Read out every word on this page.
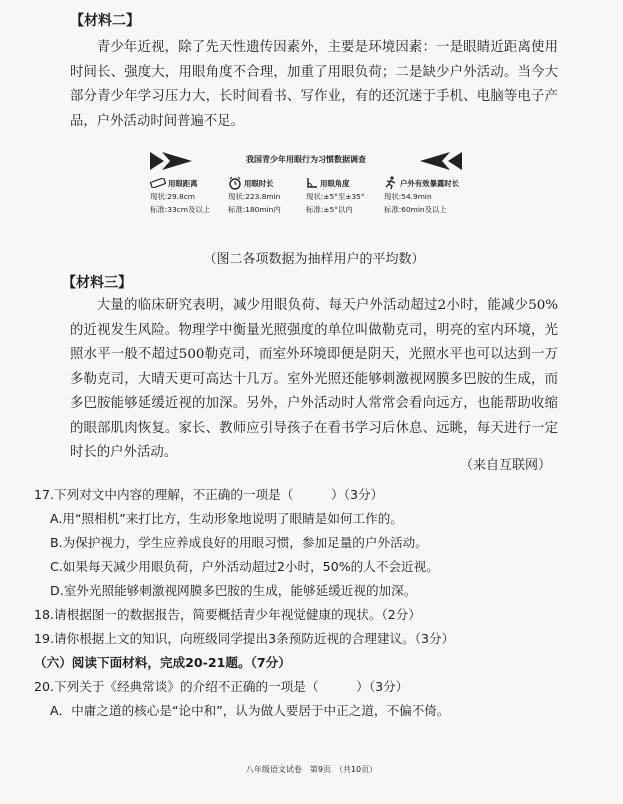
【材料二】

青少年近视，除了先天性遗传因素外，主要是环境因素：一是眼睛近距离使用时间长、强度大，用眼角度不合理，加重了用眼负荷；二是缺少户外活动。当今大部分青少年学习压力大，长时间看书、写作业，有的还沉迷于手机、电脑等电子产品，户外活动时间普遍不足。

我国青少年用眼行为习惯数据调查
用眼距离
现状:29.8cm
标准:33cm及以上
用眼时长
现状:223.8min
标准:180min内
用眼角度
现状:±5°至±35°
标准:±5°以内
户外有效暴露时长
现状:54.9min
标准:60min及以上
（图二各项数据为抽样用户的平均数）
【材料三】

大量的临床研究表明，减少用眼负荷、每天户外活动超过2小时，能减少50%的近视发生风险。物理学中衡量光照强度的单位叫做勒克司，明亮的室内环境，光照水平一般不超过500勒克司，而室外环境即便是阴天，光照水平也可以达到一万多勒克司，大晴天更可高达十几万。室外光照还能够刺激视网膜多巴胺的生成，而多巴胺能够延缓近视的加深。另外，户外活动时人常常会看向远方，也能帮助收缩的眼部肌肉恢复。家长、教师应引导孩子在看书学习后休息、远眺，每天进行一定时长的户外活动。

（来自互联网）
17.下列对文中内容的理解，不正确的一项是（　　　）（3分）
A.用“照相机”来打比方，生动形象地说明了眼睛是如何工作的。
B.为保护视力，学生应养成良好的用眼习惯，参加足量的户外活动。
C.如果每天减少用眼负荷，户外活动超过2小时，50%的人不会近视。
D.室外光照能够刺激视网膜多巴胺的生成，能够延缓近视的加深。
18.请根据图一的数据报告，简要概括青少年视觉健康的现状。（2分）
19.请你根据上文的知识，向班级同学提出3条预防近视的合理建议。（3分）
（六）阅读下面材料，完成20-21题。（7分）
20.下列关于《经典常谈》的介绍不正确的一项是（　　　）（3分）
A．中庸之道的核心是“论中和”，认为做人要居于中正之道，不偏不倚。
八年级语文试卷　第9页　（共10页）
